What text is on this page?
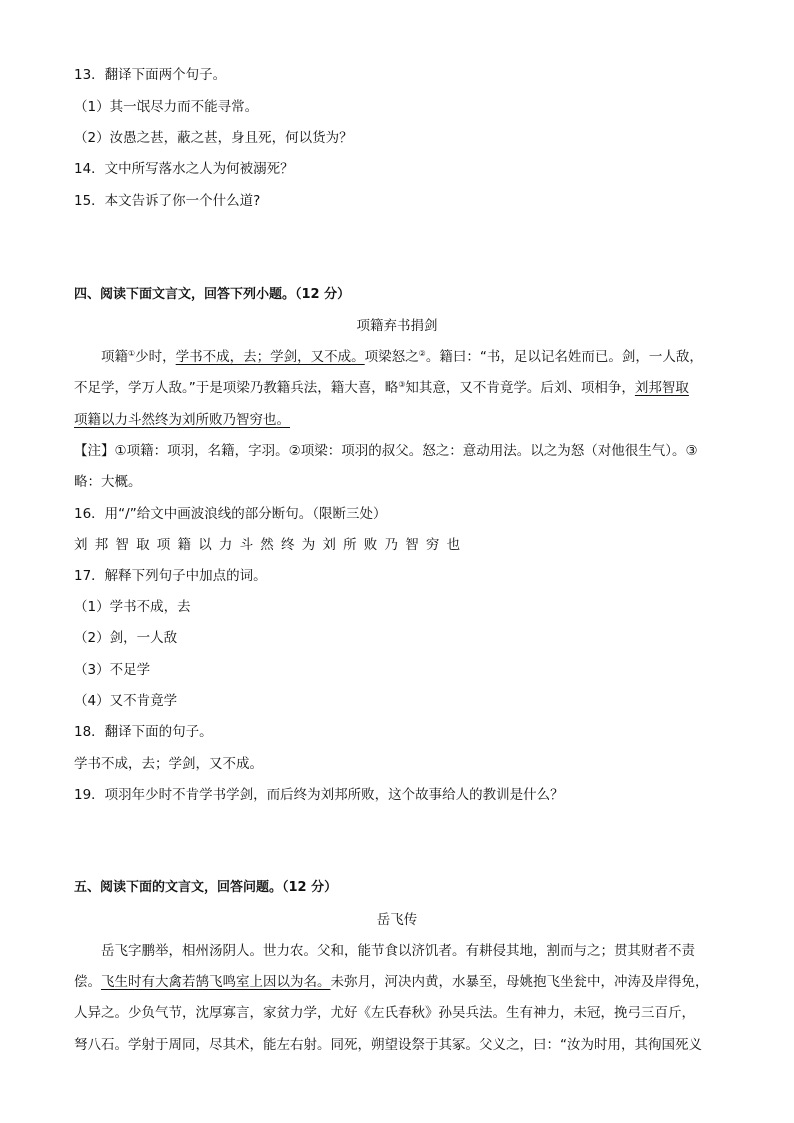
13．翻译下面两个句子。

（1）其一氓尽力而不能寻常。

（2）汝愚之甚，蔽之甚，身且死，何以货为？

14．文中所写落水之人为何被溺死？

15．本文告诉了你一个什么道?

四、阅读下面文言文，回答下列小题。（12 分）

项籍弃书捐剑

项籍①少时，学书不成，去；学剑，又不成。项梁怒之②。籍曰：“书，足以记名姓而已。剑，一人敌，

不足学，学万人敌。”于是项梁乃教籍兵法，籍大喜，略③知其意，又不肯竟学。后刘、项相争，刘邦智取

项籍以力斗然终为刘所败乃智穷也。

【注】①项籍：项羽，名籍，字羽。②项梁：项羽的叔父。怒之：意动用法。以之为怒（对他很生气）。③

略：大概。

16．用“/”给文中画波浪线的部分断句。（限断三处）

刘邦智取项籍以力斗然终为刘所败乃智穷也

17．解释下列句子中加点的词。

（1）学书不成，去

（2）剑，一人敌

（3）不足学

（4）又不肯竟学

18．翻译下面的句子。

学书不成，去；学剑，又不成。

19．项羽年少时不肯学书学剑，而后终为刘邦所败，这个故事给人的教训是什么？

五、阅读下面的文言文，回答问题。（12 分）

岳飞传

岳飞字鹏举，相州汤阴人。世力农。父和，能节食以济饥者。有耕侵其地，割而与之；贯其财者不责

偿。飞生时有大禽若鹄飞鸣室上因以为名。未弥月，河决内黄，水暴至，母姚抱飞坐瓮中，冲涛及岸得免，

人异之。少负气节，沈厚寡言，家贫力学，尤好《左氏春秋》孙吴兵法。生有神力，未冠，挽弓三百斤，

弩八石。学射于周同，尽其术，能左右射。同死，朔望设祭于其冢。父义之，曰：“汝为时用，其徇国死义
